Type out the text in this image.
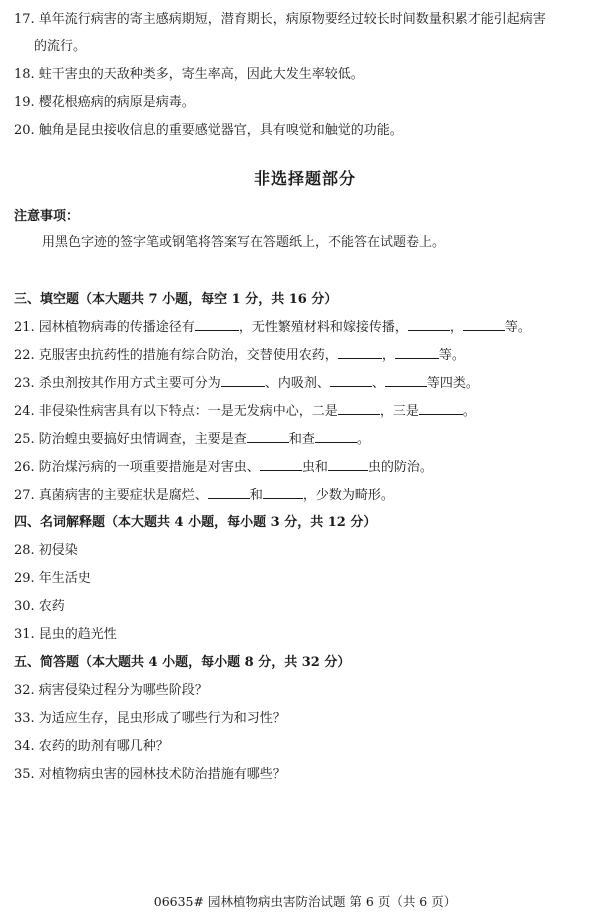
17. 单年流行病害的寄主感病期短，潜育期长，病原物要经过较长时间数量积累才能引起病害
的流行。
18. 蛀干害虫的天敌种类多，寄生率高，因此大发生率较低。
19. 樱花根癌病的病原是病毒。
20. 触角是昆虫接收信息的重要感觉器官，具有嗅觉和触觉的功能。
非选择题部分
注意事项：
用黑色字迹的签字笔或钢笔将答案写在答题纸上，不能答在试题卷上。
三、填空题（本大题共 7 小题，每空 1 分，共 16 分）
21. 园林植物病毒的传播途径有	，无性繁殖材料和嫁接传播，	，	等。
22. 克服害虫抗药性的措施有综合防治，交替使用农药，	，	等。
23. 杀虫剂按其作用方式主要可分为	、内吸剂、	、	等四类。
24. 非侵染性病害具有以下特点：一是无发病中心，二是	，三是	。
25. 防治蝗虫要搞好虫情调查，主要是查	和查	。
26. 防治煤污病的一项重要措施是对害虫、	虫和	虫的防治。
27. 真菌病害的主要症状是腐烂、	和	，少数为畸形。
四、名词解释题（本大题共 4 小题，每小题 3 分，共 12 分）
28. 初侵染
29. 年生活史
30. 农药
31. 昆虫的趋光性
五、简答题（本大题共 4 小题，每小题 8 分，共 32 分）
32. 病害侵染过程分为哪些阶段？
33. 为适应生存，昆虫形成了哪些行为和习性？
34. 农药的助剂有哪几种？
35. 对植物病虫害的园林技术防治措施有哪些？
06635# 园林植物病虫害防治试题 第 6 页（共 6 页）
